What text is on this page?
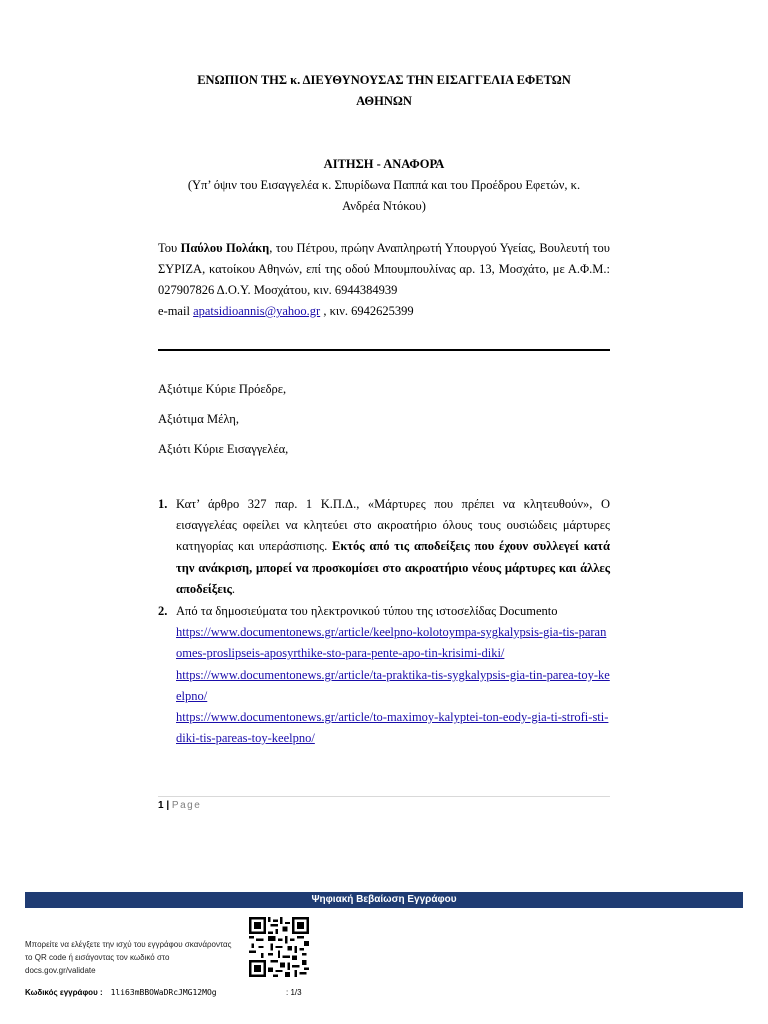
ΕΝΩΠΙΟΝ ΤΗΣ κ. ΔΙΕΥΘΥΝΟΥΣΑΣ ΤΗΝ ΕΙΣΑΓΓΕΛΙΑ ΕΦΕΤΩΝ
ΑΘΗΝΩΝ
ΑΙΤΗΣΗ - ΑΝΑΦΟΡΑ
(Υπ’ όψιν του Εισαγγελέα κ. Σπυρίδωνα Παππά και του Προέδρου Εφετών, κ.
Ανδρέα Ντόκου)
Του Παύλου Πολάκη, του Πέτρου, πρώην Αναπληρωτή Υπουργού Υγείας, Βουλευτή του ΣΥΡΙΖΑ, κατοίκου Αθηνών, επί της οδού Μπουμπουλίνας αρ. 13, Μοσχάτο, με Α.Φ.Μ.: 027907826 Δ.Ο.Υ. Μοσχάτου, κιν. 6944384939
e-mail apatsidioannis@yahoo.gr , κιν. 6942625399
Αξιότιμε Κύριε Πρόεδρε,
Αξιότιμα Μέλη,
Αξιότι Κύριε Εισαγγελέα,
1. Κατ’ άρθρο 327 παρ. 1 Κ.Π.Δ., «Μάρτυρες που πρέπει να κλητευθούν», Ο εισαγγελέας οφείλει να κλητεύει στο ακροατήριο όλους τους ουσιώδεις μάρτυρες κατηγορίας και υπεράσπισης. Εκτός από τις αποδείξεις που έχουν συλλεγεί κατά την ανάκριση, μπορεί να προσκομίσει στο ακροατήριο νέους μάρτυρες και άλλες αποδείξεις.
2. Από τα δημοσιεύματα του ηλεκτρονικού τύπου της ιστοσελίδας Documento
https://www.documentonews.gr/article/keelpno-kolotoympa-sygkalypsis-gia-tis-paranomes-proslipseis-aposyrthike-sto-para-pente-apo-tin-krisimi-diki/
https://www.documentonews.gr/article/ta-praktika-tis-sygkalypsis-gia-tin-parea-toy-keelpno/
https://www.documentonews.gr/article/to-maximoy-kalyptei-ton-eody-gia-ti-strofi-sti-diki-tis-pareas-toy-keelpno/
1 | Page
Ψηφιακή Βεβαίωση Εγγράφου
Μπορείτε να ελέγξετε την ισχύ του εγγράφου σκανάροντας το QR code ή εισάγοντας τον κωδικό στο docs.gov.gr/validate
Κωδικός εγγράφου : 1li63mBBOWaDRcJMG12MOg	: 1/3
